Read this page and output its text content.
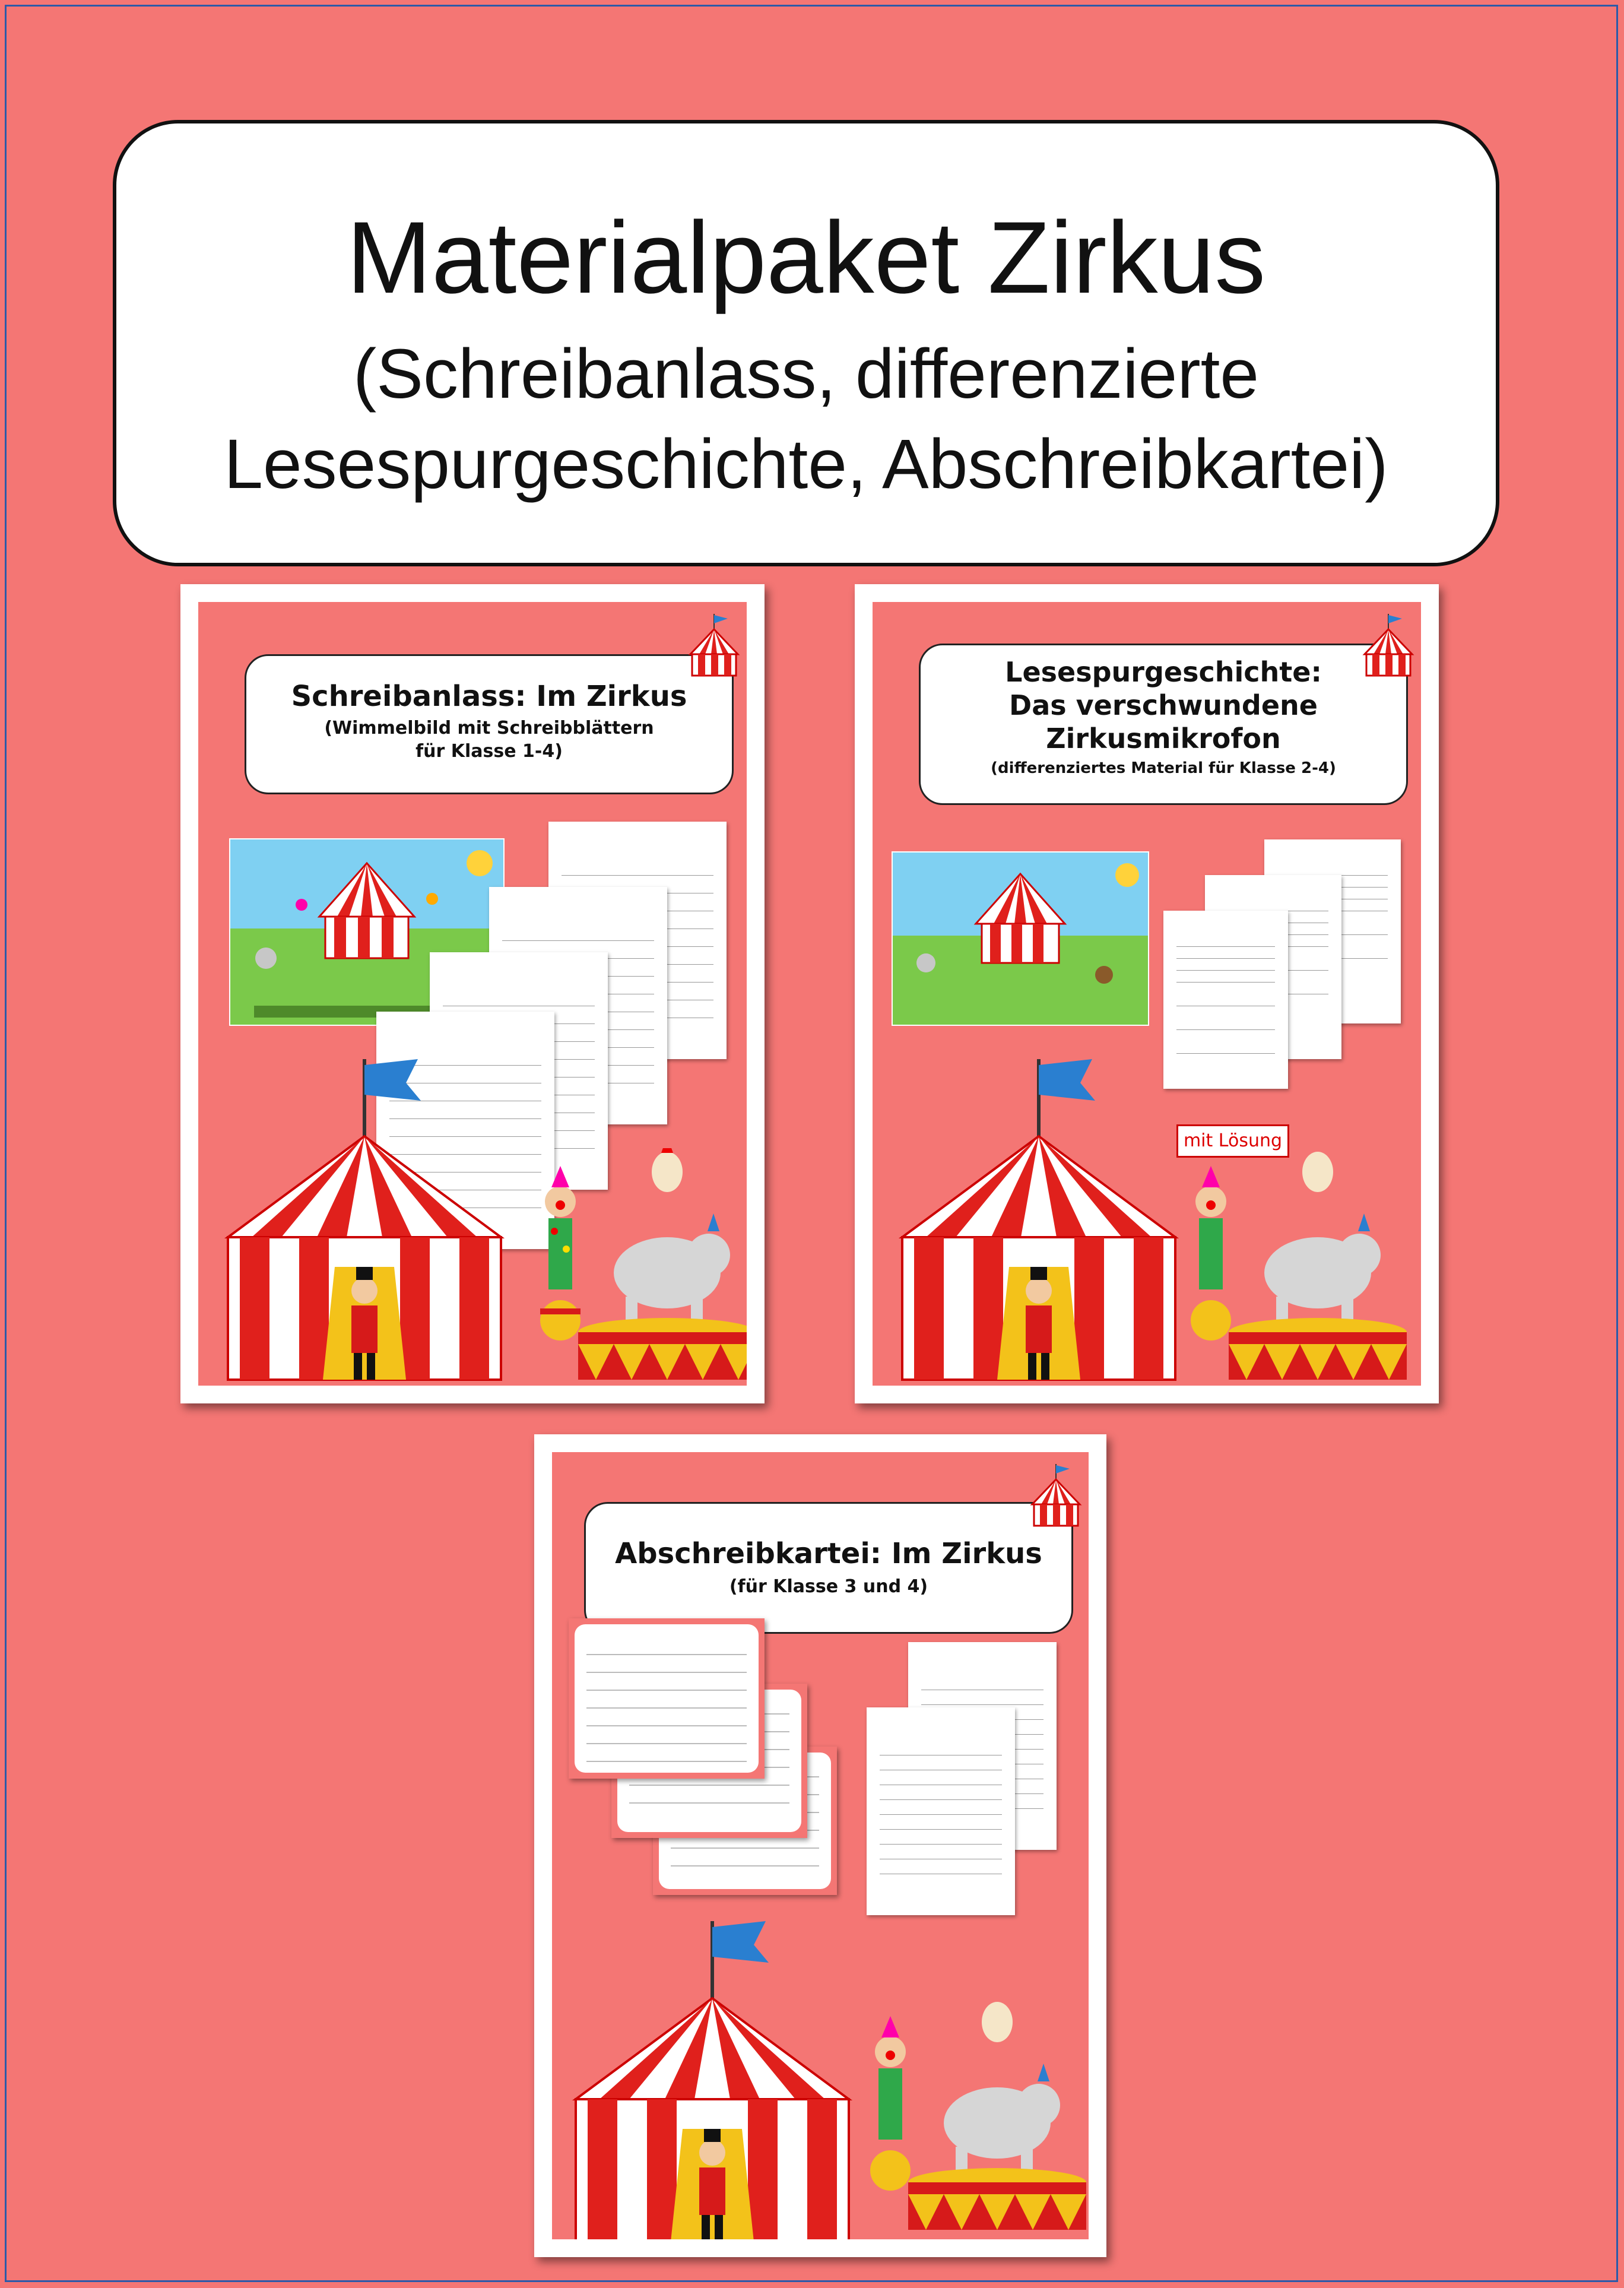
Materialpaket Zirkus
(Schreibanlass, differenzierte
Lesespurgeschichte, Abschreibkartei)
Schreibanlass: Im Zirkus
(Wimmelbild mit Schreibblättern
für Klasse 1-4)
Lesespurgeschichte:
Das verschwundene
Zirkusmikrofon
(differenziertes Material für Klasse 2-4)
mit Lösung
Abschreibkartei: Im Zirkus
(für Klasse 3 und 4)
